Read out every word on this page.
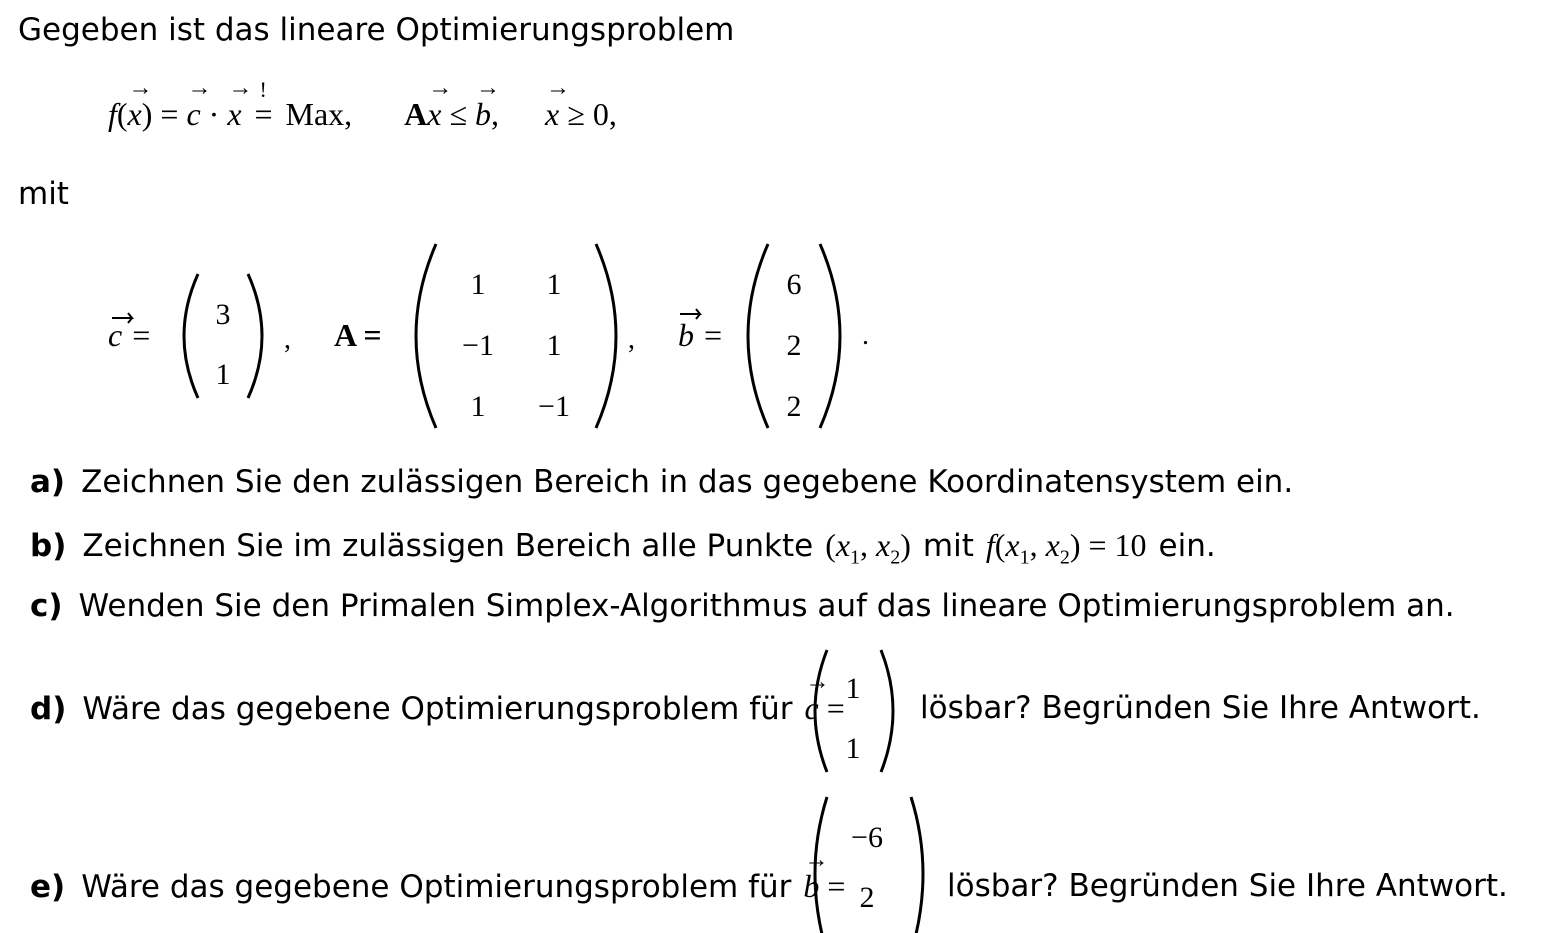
Gegeben ist das lineare Optimierungsproblem
f(→ x) = → c · → x
!
= Max, A→ x ≤ → b, → x ≥ 0,
mit
c =
3
1
, A =
1 1
−1 1
1 −1
, b =
6
2
2
.
a) Zeichnen Sie den zulässigen Bereich in das gegebene Koordinatensystem ein.
b) Zeichnen Sie im zulässigen Bereich alle Punkte ($x_1$, $x_2$) mit $f(x_1$, $x_2) = 10$ ein.
c) Wenden Sie den Primalen Simplex-Algorithmus auf das lineare Optimierungsproblem an.
d) Wäre das gegebene Optimierungsproblem für → c =
1
1
lösbar? Begründen Sie Ihre Antwort.
e) Wäre das gegebene Optimierungsproblem für → b =
−6
2 lösbar? Begründen Sie Ihre Antwort.
